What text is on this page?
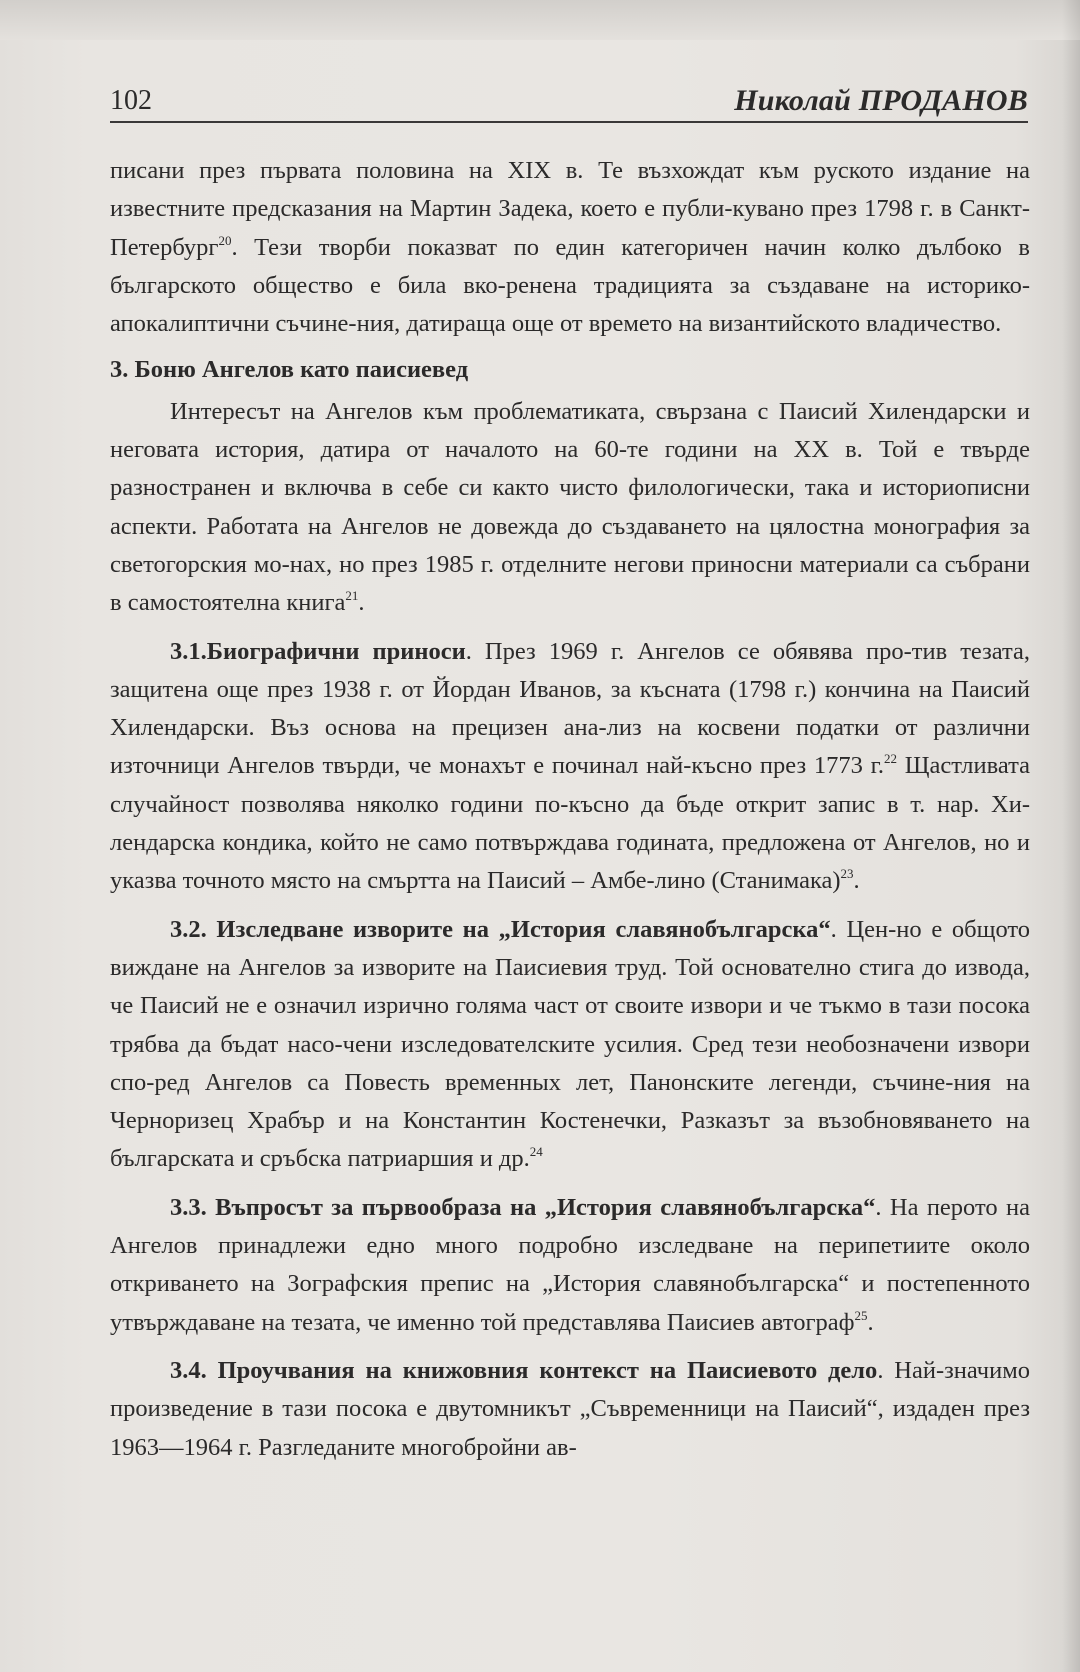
102	Николай ПРОДАНОВ

писани през първата половина на XIX в. Те възхождат към руското издание на известните предсказания на Мартин Задека, което е публи-кувано през 1798 г. в Санкт-Петербург$^{20}$. Тези творби показват по един категоричен начин колко дълбоко в българското общество е била вко-ренена традицията за създаване на историко-апокалиптични съчине-ния, датираща още от времето на византийското владичество.

3. Боню Ангелов като паисиевед

Интересът на Ангелов към проблематиката, свързана с Паисий Хилендарски и неговата история, датира от началото на 60-те години на XX в. Той е твърде разностранен и включва в себе си както чисто филологически, така и историописни аспекти. Работата на Ангелов не довежда до създаването на цялостна монография за светогорския мо-нах, но през 1985 г. отделните негови приносни материали са събрани в самостоятелна книга$^{21}$.

3.1.Биографични приноси. През 1969 г. Ангелов се обявява про-тив тезата, защитена още през 1938 г. от Йордан Иванов, за късната (1798 г.) кончина на Паисий Хилендарски. Въз основа на прецизен ана-лиз на косвени податки от различни източници Ангелов твърди, че монахът е починал най-късно през 1773 г.$^{22}$ Щастливата случайност позволява няколко години по-късно да бъде открит запис в т. нар. Хи-лендарска кондика, който не само потвърждава годината, предложена от Ангелов, но и указва точното място на смъртта на Паисий – Амбе-лино (Станимака)$^{23}$.

3.2. Изследване изворите на „История славянобългарска“. Цен-но е общото виждане на Ангелов за изворите на Паисиевия труд. Той основателно стига до извода, че Паисий не е означил изрично голяма част от своите извори и че тъкмо в тази посока трябва да бъдат насо-чени изследователските усилия. Сред тези необозначени извори спо-ред Ангелов са Повесть временных лет, Панонските легенди, съчине-ния на Черноризец Храбър и на Константин Костенечки, Разказът за възобновяването на българската и сръбска патриаршия и др.$^{24}$

3.3. Въпросът за първообраза на „История славянобългарска“. На перото на Ангелов принадлежи едно много подробно изследване на перипетиите около откриването на Зографския препис на „История славянобългарска“ и постепенното утвърждаване на тезата, че именно той представлява Паисиев автограф$^{25}$.

3.4. Проучвания на книжовния контекст на Паисиевото дело. Най-значимо произведение в тази посока е двутомникът „Съвременници на Паисий“, издаден през 1963—1964 г. Разгледаните многобройни ав-
